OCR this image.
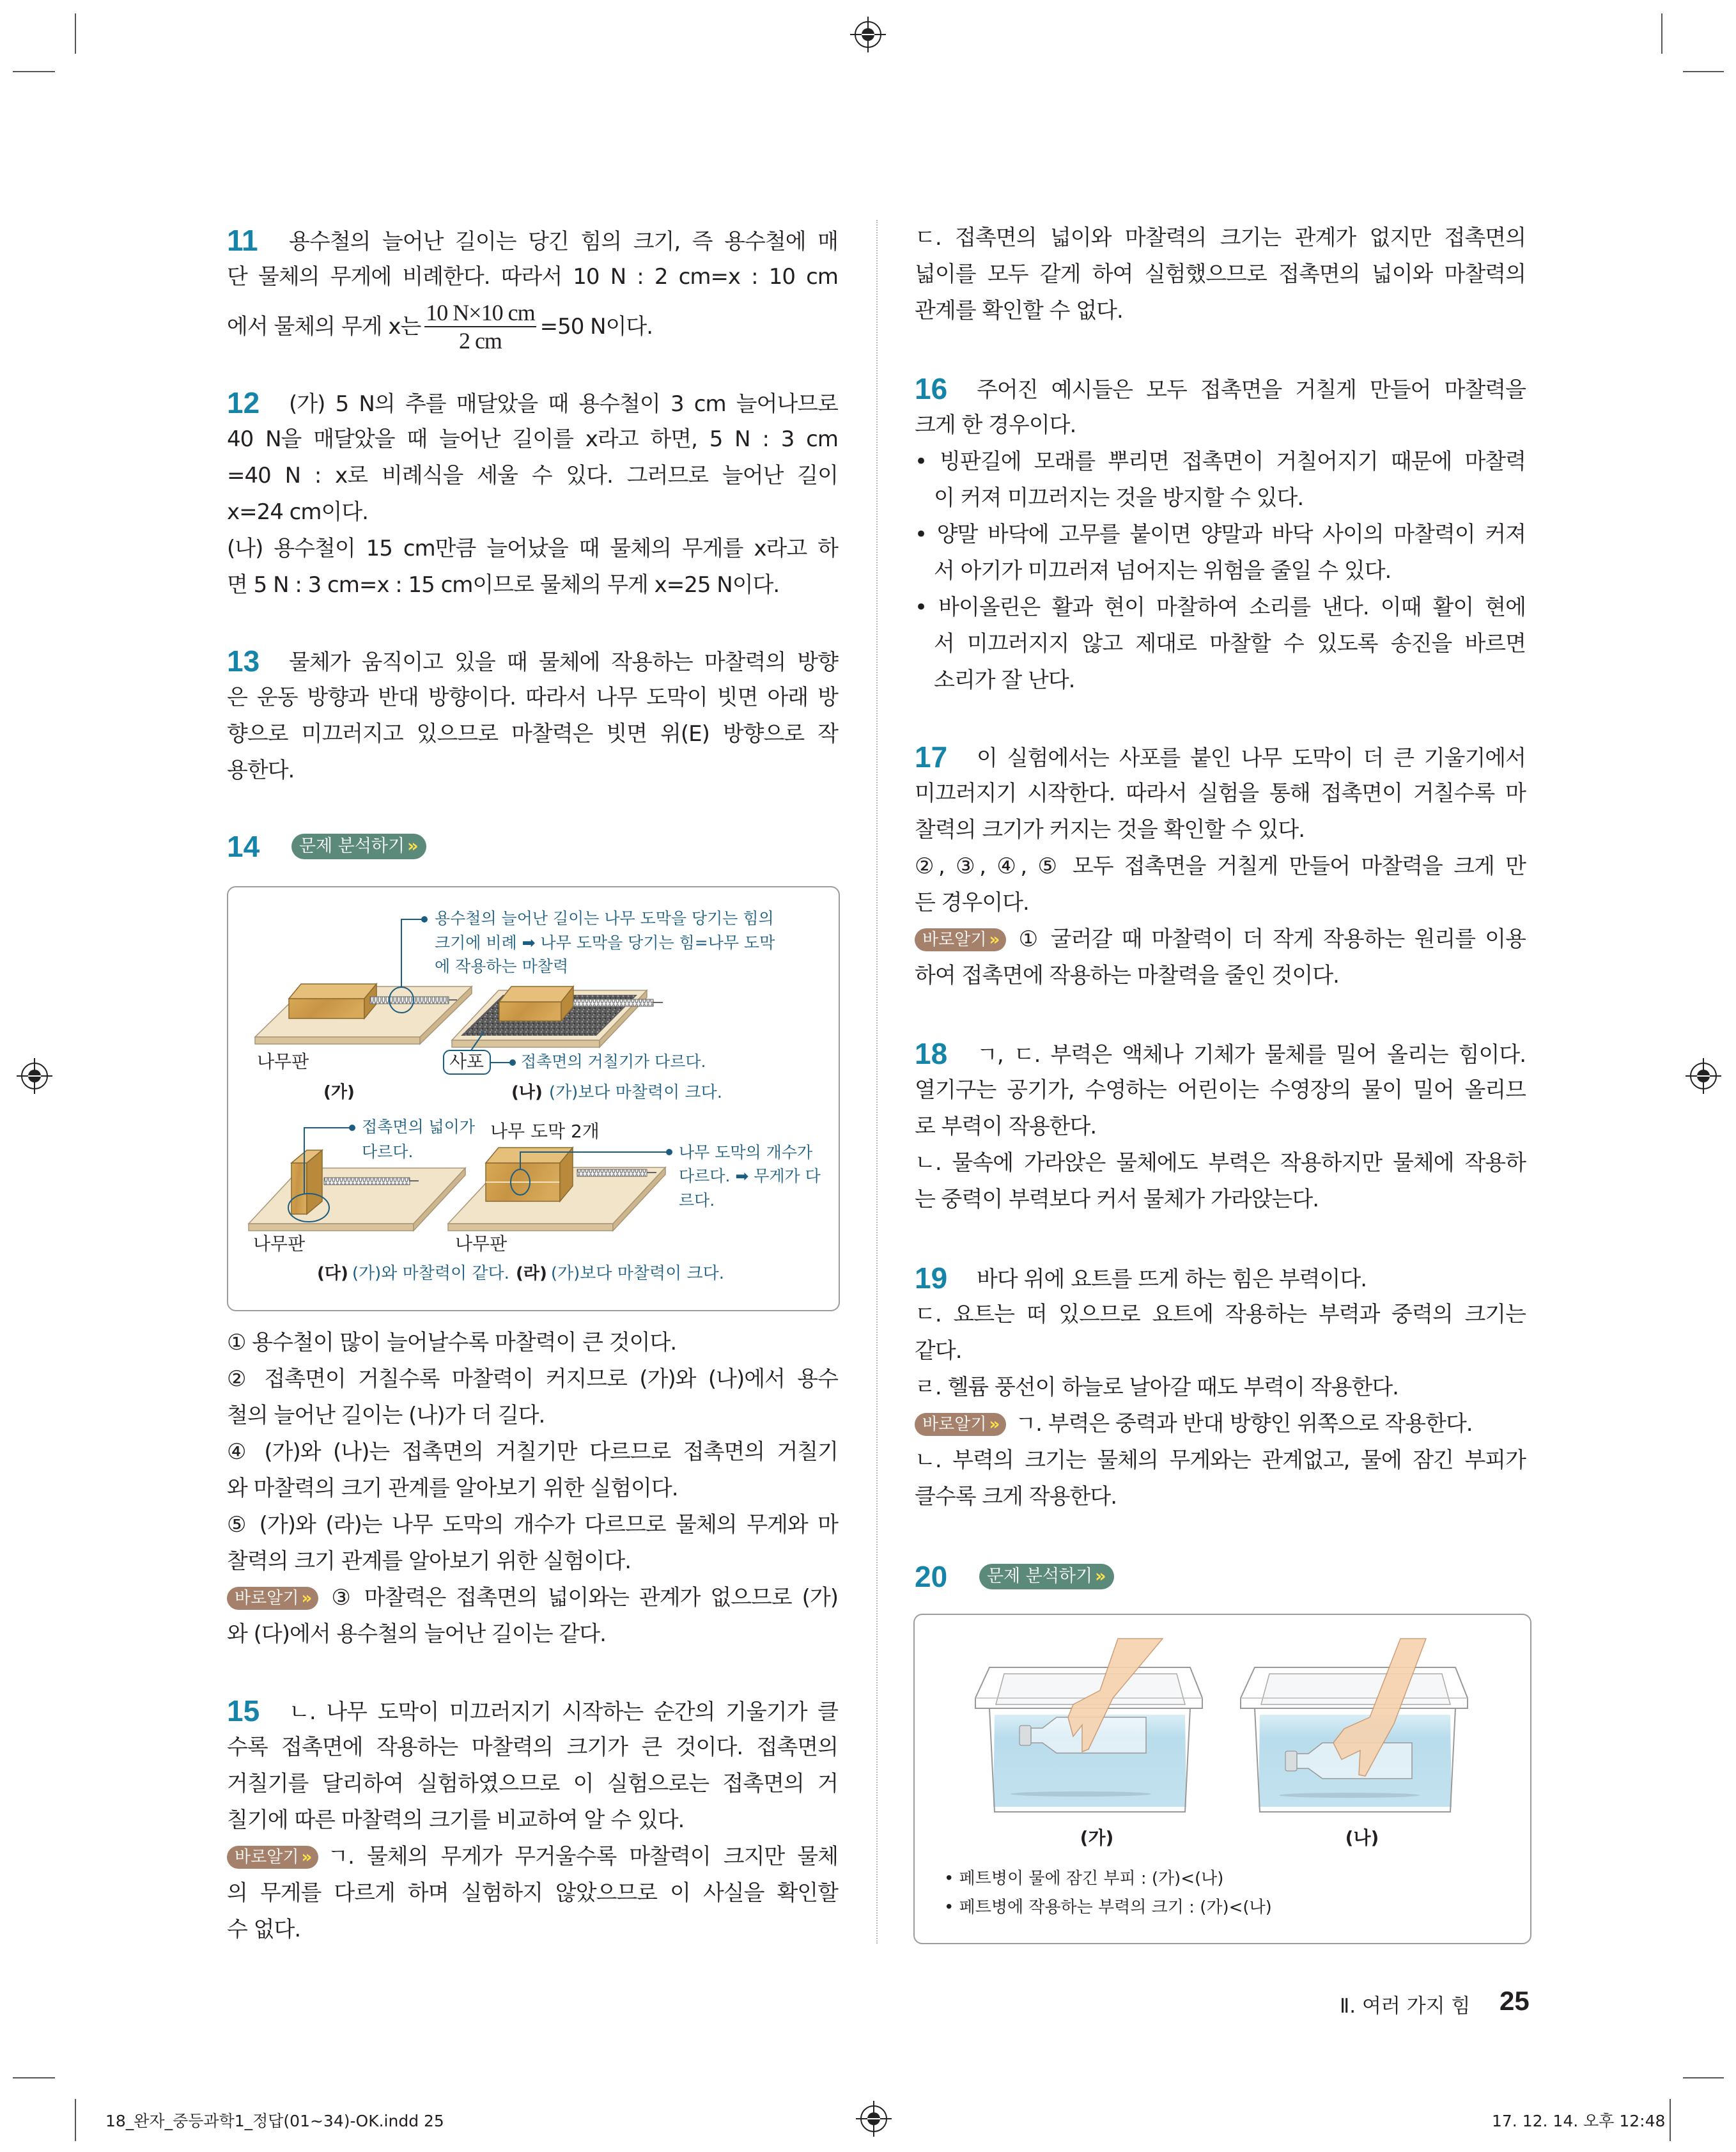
11 용수철의 늘어난 길이는 당긴 힘의 크기, 즉 용수철에 매
단 물체의 무게에 비례한다. 따라서 10 N : 2 cm=x : 10 cm
에서 물체의 무게 x는 $\frac{10 N\times 10 cm}{2 cm} =50$ N이다.
12 (가) 5 N의 추를 매달았을 때 용수철이 3 cm 늘어나므로
40 N을 매달았을 때 늘어난 길이를 x라고 하면, 5 N : 3 cm
=40 N : x로 비례식을 세울 수 있다. 그러므로 늘어난 길이
x=24 cm이다.
(나) 용수철이 15 cm만큼 늘어났을 때 물체의 무게를 x라고 하
면 5 N : 3 cm=x : 15 cm이므로 물체의 무게 x=25 N이다.
13 물체가 움직이고 있을 때 물체에 작용하는 마찰력의 방향
은 운동 방향과 반대 방향이다. 따라서 나무 도막이 빗면 아래 방
향으로 미끄러지고 있으므로 마찰력은 빗면 위(E) 방향으로 작
용한다.
14	문제 분석하기 »
용수철의 늘어난 길이는 나무 도막을 당기는 힘의
크기에 비례 ➡ 나무 도막을 당기는 힘=나무 도막
에 작용하는 마찰력
접촉면의 거칠기가 다르다.
접촉면의 넓이가
다르다.	나무 도막의 개수가
다르다. ➡ 무게가 다
르다.
나무판	사포
나무 도막 2개
나무판	나무판
(가)	(나) (가)보다 마찰력이 크다.
(다) (가)와 마찰력이 같다. (라) (가)보다 마찰력이 크다.
① 용수철이 많이 늘어날수록 마찰력이 큰 것이다.
② 접촉면이 거칠수록 마찰력이 커지므로 (가)와 (나)에서 용수
철의 늘어난 길이는 (나)가 더 길다.
④ (가)와 (나)는 접촉면의 거칠기만 다르므로 접촉면의 거칠기
와 마찰력의 크기 관계를 알아보기 위한 실험이다.
⑤ (가)와 (라)는 나무 도막의 개수가 다르므로 물체의 무게와 마
찰력의 크기 관계를 알아보기 위한 실험이다.
바로알기 » ③ 마찰력은 접촉면의 넓이와는 관계가 없으므로 (가)
와 (다)에서 용수철의 늘어난 길이는 같다.
15 ㄴ. 나무 도막이 미끄러지기 시작하는 순간의 기울기가 클
수록 접촉면에 작용하는 마찰력의 크기가 큰 것이다. 접촉면의
거칠기를 달리하여 실험하였으므로 이 실험으로는 접촉면의 거
칠기에 따른 마찰력의 크기를 비교하여 알 수 있다.
바로알기 » ㄱ. 물체의 무게가 무거울수록 마찰력이 크지만 물체
의 무게를 다르게 하며 실험하지 않았으므로 이 사실을 확인할
수 없다.
ㄷ. 접촉면의 넓이와 마찰력의 크기는 관계가 없지만 접촉면의
넓이를 모두 같게 하여 실험했으므로 접촉면의 넓이와 마찰력의
관계를 확인할 수 없다.
16 주어진 예시들은 모두 접촉면을 거칠게 만들어 마찰력을
크게 한 경우이다.
• 빙판길에 모래를 뿌리면 접촉면이 거칠어지기 때문에 마찰력
이 커져 미끄러지는 것을 방지할 수 있다.
• 양말 바닥에 고무를 붙이면 양말과 바닥 사이의 마찰력이 커져
서 아기가 미끄러져 넘어지는 위험을 줄일 수 있다.
• 바이올린은 활과 현이 마찰하여 소리를 낸다. 이때 활이 현에
서 미끄러지지 않고 제대로 마찰할 수 있도록 송진을 바르면
소리가 잘 난다.
17 이 실험에서는 사포를 붙인 나무 도막이 더 큰 기울기에서
미끄러지기 시작한다. 따라서 실험을 통해 접촉면이 거칠수록 마
찰력의 크기가 커지는 것을 확인할 수 있다.
②, ③, ④, ⑤ 모두 접촉면을 거칠게 만들어 마찰력을 크게 만
든 경우이다.
바로알기 » ① 굴러갈 때 마찰력이 더 작게 작용하는 원리를 이용
하여 접촉면에 작용하는 마찰력을 줄인 것이다.
18 ㄱ, ㄷ. 부력은 액체나 기체가 물체를 밀어 올리는 힘이다.
열기구는 공기가, 수영하는 어린이는 수영장의 물이 밀어 올리므
로 부력이 작용한다.
ㄴ. 물속에 가라앉은 물체에도 부력은 작용하지만 물체에 작용하
는 중력이 부력보다 커서 물체가 가라앉는다.
19 바다 위에 요트를 뜨게 하는 힘은 부력이다.
ㄷ. 요트는 떠 있으므로 요트에 작용하는 부력과 중력의 크기는
같다.
ㄹ. 헬륨 풍선이 하늘로 날아갈 때도 부력이 작용한다.
바로알기 » ㄱ. 부력은 중력과 반대 방향인 위쪽으로 작용한다.
ㄴ. 부력의 크기는 물체의 무게와는 관계없고, 물에 잠긴 부피가
클수록 크게 작용한다.
20	문제 분석하기 »
(가)	(나)
• 페트병이 물에 잠긴 부피 : (가)<(나)
• 페트병에 작용하는 부력의 크기 : (가)<(나)
Ⅱ. 여러 가지 힘 25
18_완자_중등과학1_정답(01~34)-OK.indd 25	17. 12. 14. 오후 12:48
